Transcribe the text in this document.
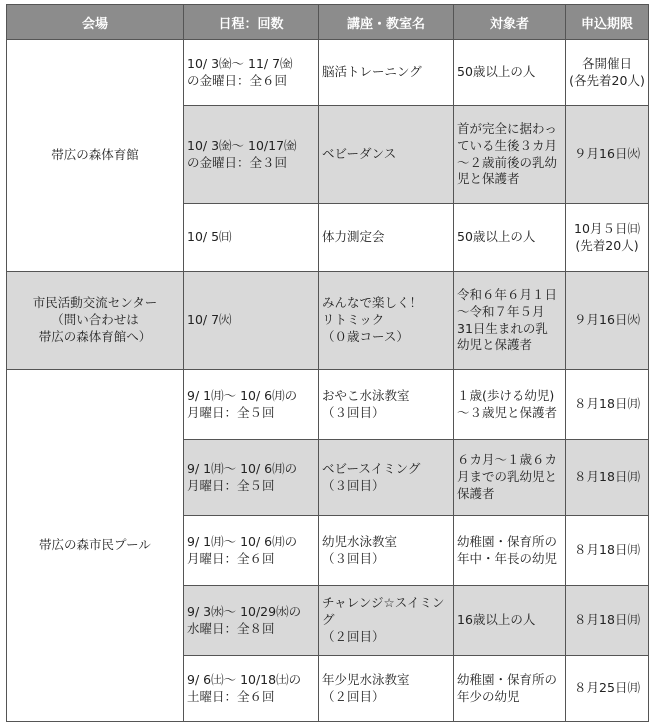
会場	日程：回数	講座・教室名	対象者	申込期限
帯広の森体育館	10/ 3㈮〜 11/ 7㈮
の金曜日：全６回	脳活トレーニング	50歳以上の人	各開催日
(各先着20人)
	10/ 3㈮〜 10/17㈮
の金曜日：全３回	ベビーダンス	首が完全に据わっ
ている生後３カ月
〜２歳前後の乳幼
児と保護者	９月16日㈫
	10/ 5㈰	体力測定会	50歳以上の人	10月５日㈰
(先着20人)
市民活動交流センター
（問い合わせは
帯広の森体育館へ）	10/ 7㈫	みんなで楽しく！
リトミック
（０歳コース）	令和６年６月１日
〜令和７年５月
31日生まれの乳
幼児と保護者	９月16日㈫
帯広の森市民プール	9/ 1㈪〜 10/ 6㈪の
月曜日：全５回	おやこ水泳教室
（３回目）	１歳(歩ける幼児)
〜３歳児と保護者	８月18日㈪
	9/ 1㈪〜 10/ 6㈪の
月曜日：全５回	ベビースイミング
（３回目）	６カ月〜１歳６カ
月までの乳幼児と
保護者	８月18日㈪
	9/ 1㈪〜 10/ 6㈪の
月曜日：全６回	幼児水泳教室
（３回目）	幼稚園・保育所の
年中・年長の幼児	８月18日㈪
	9/ 3㈬〜 10/29㈬の
水曜日：全８回	チャレンジ☆スイミング
（２回目）	16歳以上の人	８月18日㈪
	9/ 6㈯〜 10/18㈯の
土曜日：全６回	年少児水泳教室
（２回目）	幼稚園・保育所の
年少の幼児	８月25日㈪
